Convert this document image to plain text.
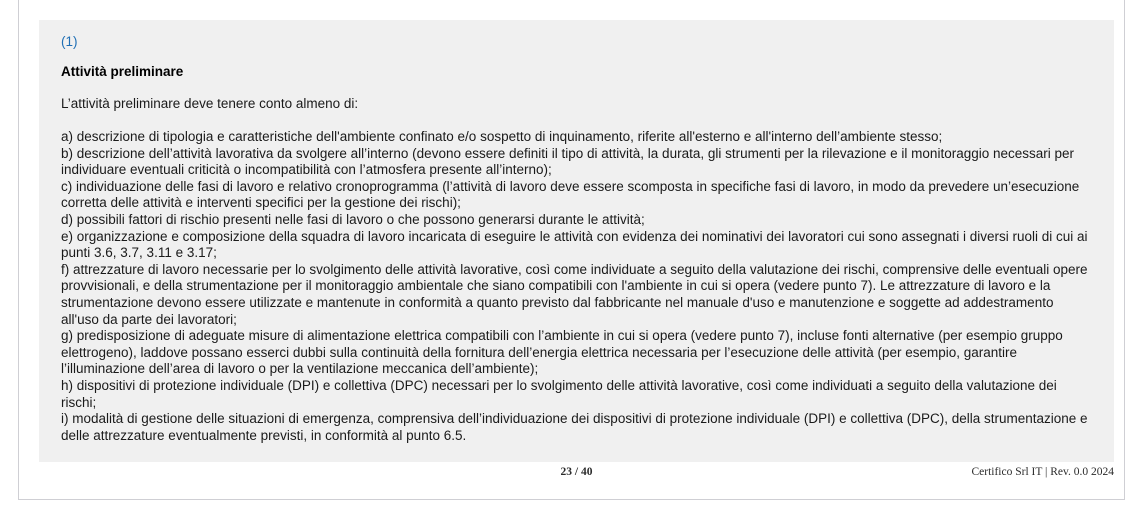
(1)
Attività preliminare
L’attività preliminare deve tenere conto almeno di:

a) descrizione di tipologia e caratteristiche dell'ambiente confinato e/o sospetto di inquinamento, riferite all'esterno e all'interno dell’ambiente stesso;

b) descrizione dell’attività lavorativa da svolgere all’interno (devono essere definiti il tipo di attività, la durata, gli strumenti per la rilevazione e il monitoraggio necessari per individuare eventuali criticità o incompatibilità con l’atmosfera presente all’interno);

c) individuazione delle fasi di lavoro e relativo cronoprogramma (l’attività di lavoro deve essere scomposta in specifiche fasi di lavoro, in modo da prevedere un’esecuzione corretta delle attività e interventi specifici per la gestione dei rischi);

d) possibili fattori di rischio presenti nelle fasi di lavoro o che possono generarsi durante le attività;

e) organizzazione e composizione della squadra di lavoro incaricata di eseguire le attività con evidenza dei nominativi dei lavoratori cui sono assegnati i diversi ruoli di cui ai punti 3.6, 3.7, 3.11 e 3.17;

f) attrezzature di lavoro necessarie per lo svolgimento delle attività lavorative, così come individuate a seguito della valutazione dei rischi, comprensive delle eventuali opere provvisionali, e della strumentazione per il monitoraggio ambientale che siano compatibili con l'ambiente in cui si opera (vedere punto 7). Le attrezzature di lavoro e la strumentazione devono essere utilizzate e mantenute in conformità a quanto previsto dal fabbricante nel manuale d'uso e manutenzione e soggette ad addestramento all'uso da parte dei lavoratori;

g) predisposizione di adeguate misure di alimentazione elettrica compatibili con l’ambiente in cui si opera (vedere punto 7), incluse fonti alternative (per esempio gruppo elettrogeno), laddove possano esserci dubbi sulla continuità della fornitura dell’energia elettrica necessaria per l’esecuzione delle attività (per esempio, garantire l’illuminazione dell’area di lavoro o per la ventilazione meccanica dell’ambiente);

h) dispositivi di protezione individuale (DPI) e collettiva (DPC) necessari per lo svolgimento delle attività lavorative, così come individuati a seguito della valutazione dei rischi;

i) modalità di gestione delle situazioni di emergenza, comprensiva dell’individuazione dei dispositivi di protezione individuale (DPI) e collettiva (DPC), della strumentazione e delle attrezzature eventualmente previsti, in conformità al punto 6.5.

23 / 40	Certifico Srl IT | Rev. 0.0 2024
